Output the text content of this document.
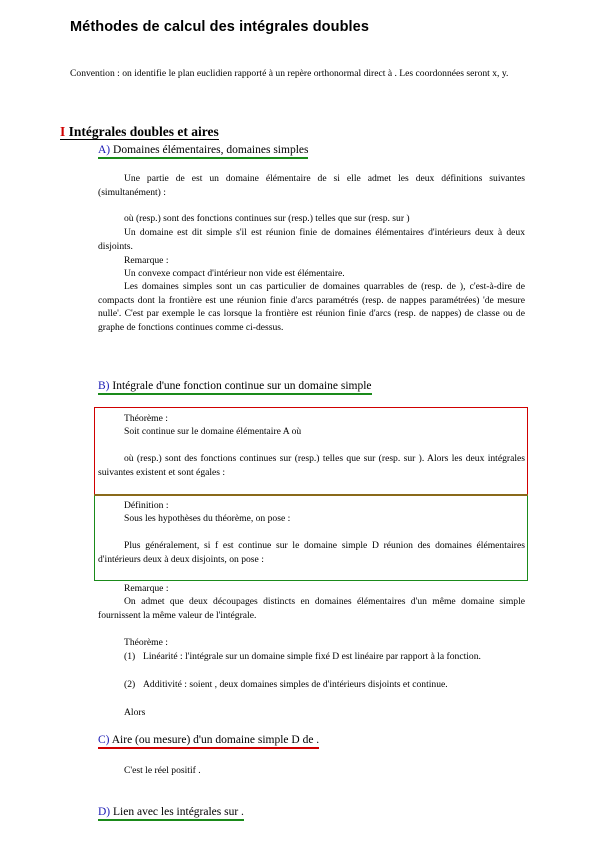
Méthodes de calcul des intégrales doubles
Convention : on identifie le plan euclidien rapporté à un repère orthonormal direct à . Les coordonnées seront x, y.
I Intégrales doubles et aires
A) Domaines élémentaires, domaines simples
Une partie de est un domaine élémentaire de si elle admet les deux définitions suivantes (simultanément) :
où (resp.) sont des fonctions continues sur (resp.) telles que sur (resp. sur )
Un domaine est dit simple s'il est réunion finie de domaines élémentaires d'intérieurs deux à deux disjoints.
Remarque :
Un convexe compact d'intérieur non vide est élémentaire.
Les domaines simples sont un cas particulier de domaines quarrables de (resp. de ), c'est-à-dire de compacts dont la frontière est une réunion finie d'arcs paramétrés (resp. de nappes paramétrées) 'de mesure nulle'. C'est par exemple le cas lorsque la frontière est réunion finie d'arcs (resp. de nappes) de classe ou de graphe de fonctions continues comme ci-dessus.
B) Intégrale d'une fonction continue sur un domaine simple
Théorème :
Soit continue sur le domaine élémentaire A où
où (resp.) sont des fonctions continues sur (resp.) telles que sur (resp. sur ). Alors les deux intégrales suivantes existent et sont égales :
Définition :
Sous les hypothèses du théorème, on pose :
Plus généralement, si f est continue sur le domaine simple D réunion des domaines élémentaires d'intérieurs deux à deux disjoints, on pose :
Remarque :
On admet que deux découpages distincts en domaines élémentaires d'un même domaine simple fournissent la même valeur de l'intégrale.
Théorème :
(1) Linéarité : l'intégrale sur un domaine simple fixé D est linéaire par rapport à la fonction.
(2) Additivité : soient , deux domaines simples de d'intérieurs disjoints et continue.
Alors
C) Aire (ou mesure) d'un domaine simple D de .
C'est le réel positif .
D) Lien avec les intégrales sur .
